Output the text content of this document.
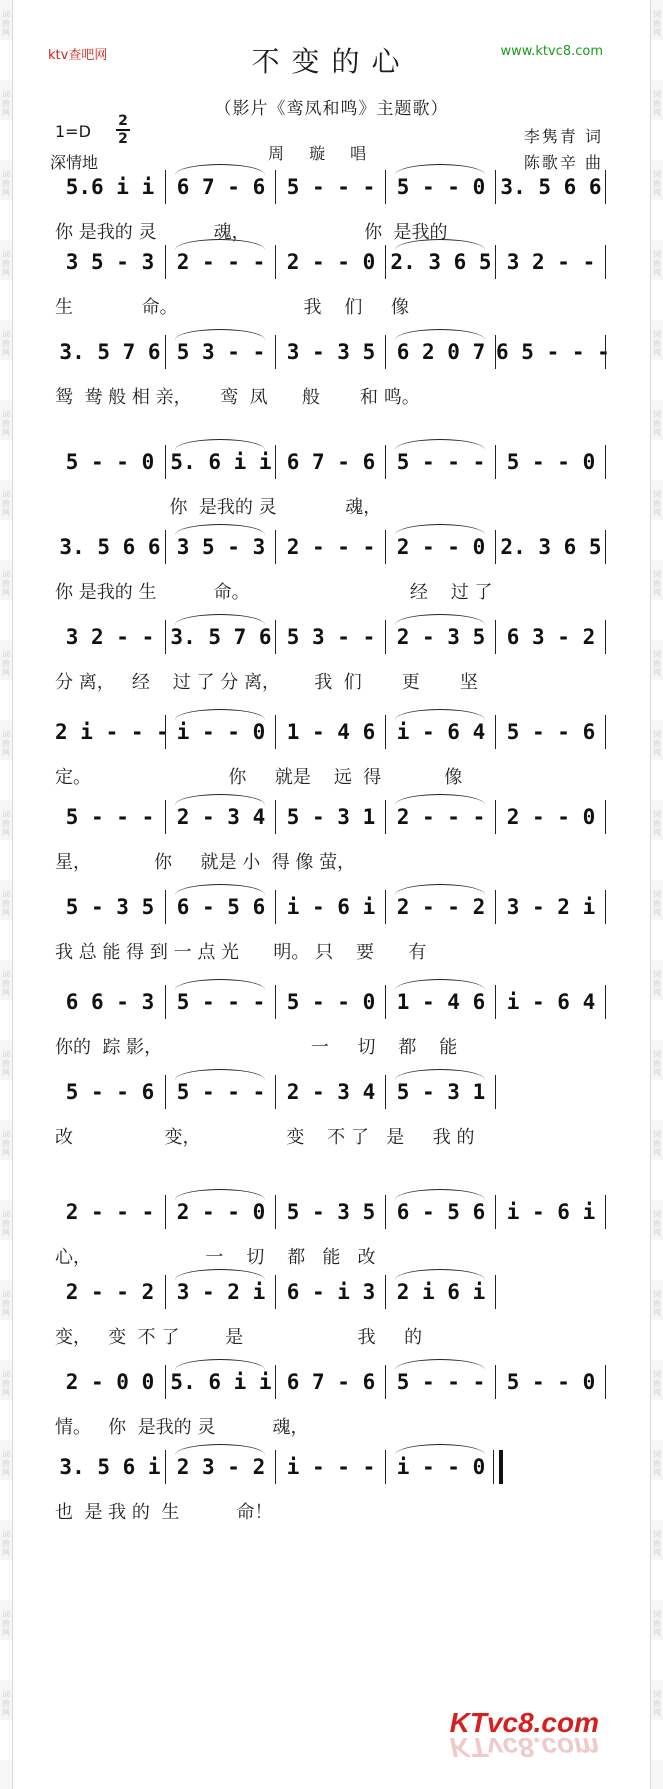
词曲网
词曲网
词曲网
词曲网
词曲网
词曲网
词曲网
词曲网
词曲网
词曲网
词曲网
词曲网
词曲网
词曲网
词曲网
词曲网
词曲网
词曲网
词曲网
词曲网
词曲网
词曲网
词曲网
词曲网
词曲网
词曲网
词曲网
词曲网
词曲网
词曲网
词曲网
词曲网
词曲网
词曲网
词曲网
词曲网
词曲网
词曲网
词曲网
词曲网
词曲网
词曲网
词曲网
词曲网
ktv查吧网	www.ktvc8.com
不变的心
（影片《鸾凤和鸣》主题歌）
1=D
2
2
深情地	周 璇 唱
李隽青 词
陈歌辛 曲
5.6 i i	6 7 - 6	5 - - -	5 - - 0 3. 5 6 6
你 是我的 灵          魂，                    你  是我的
3 5 - 3	2 - - -	2 - - 0 2. 3 6 5 3 2 - -
生            命。                      我    们     像
3. 5 7 6 5 3 - -	3 - 3 5	6 2 0 7 6 5 - - -
鸳  鸯 般 相 亲，     鸾  凤      般       和 鸣。
5 - - 0 5. 6 i i 6 7 - 6	5 - - -	5 - - 0
你  是我的 灵            魂，
3. 5 6 6 3 5 - 3	2 - - -	2 - - 0 2. 3 6 5
你 是我的 生          命。                            经    过 了
3 2 - - 3. 5 7 6 5 3 - -	2 - 3 5	6 3 - 2
分 离，   经    过 了 分 离，      我  们       更       坚
2 i - - - i - - 0	1 - 4 6	i - 6 4	5 - - 6
定。                        你     就是    远  得           像
5 - - -	2 - 3 4	5 - 3 1	2 - - -	2 - - 0
星，           你     就是 小  得 像 萤，
5 - 3 5	6 - 5 6	i - 6 i	2 - - 2	3 - 2 i
我 总 能 得 到 一 点 光      明。 只    要      有
6 6 - 3	5 - - -	5 - - 0	1 - 4 6	i - 6 4
你的  踪 影，                          一     切    都    能
5 - - 6	5 - - -	2 - 3 4	5 - 3 1
改                变，               变    不 了   是     我 的
2 - - -	2 - - 0	5 - 3 5	6 - 5 6	i - 6 i
心，                    一    切    都   能   改
2 - - 2	3 - 2 i	6 - i 3	2 i 6 i
变，   变  不 了        是                    我     的
2 - 0 0 5. 6 i i 6 7 - 6	5 - - -	5 - - 0
情。   你  是我的 灵          魂，
3. 5 6 i 2 3 - 2	i - - -	i - - 0
也  是 我 的  生          命！
KTvc8.com
KTvc8.com
